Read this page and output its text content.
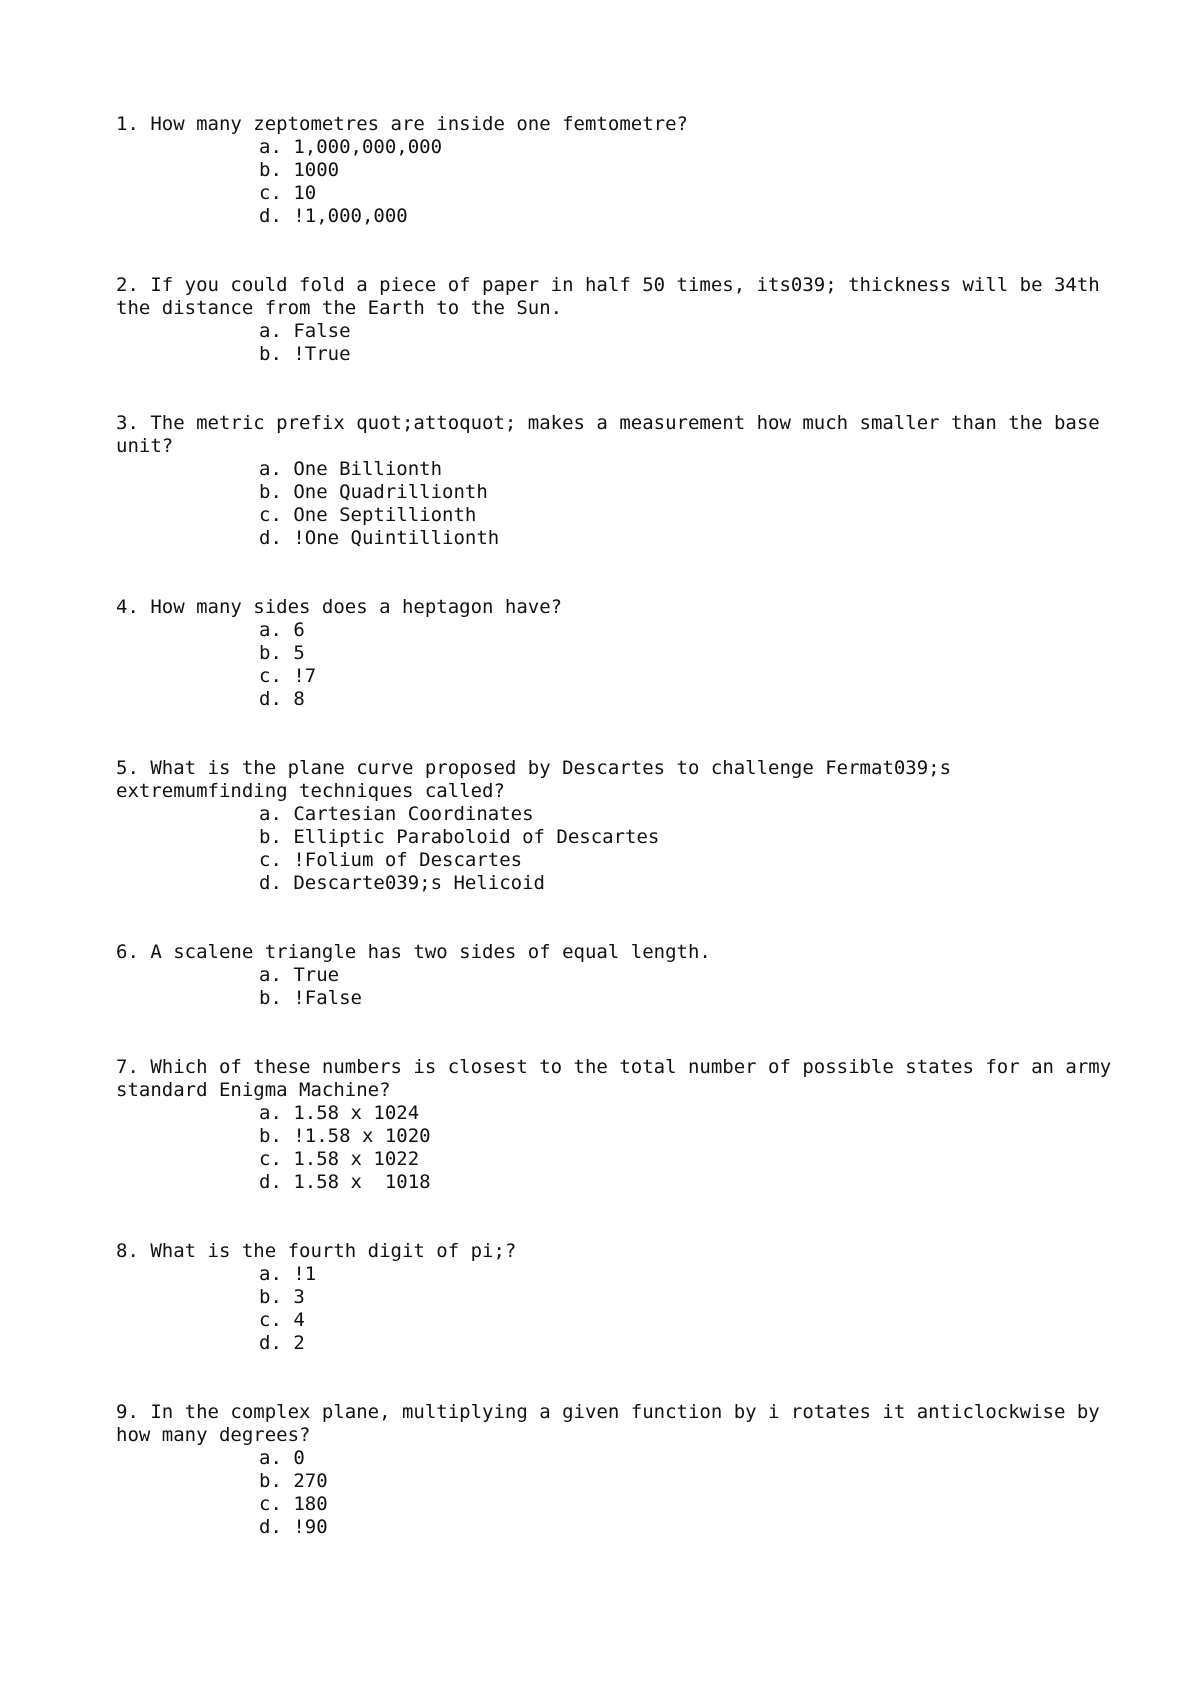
1. How many zeptometres are inside one femtometre?
a. 1,000,000,000
b. 1000
c. 10
d. !1,000,000
2. If you could fold a piece of paper in half 50 times, its039; thickness will be 34th the distance from the Earth to the Sun.
a. False
b. !True
3. The metric prefix quot;attoquot; makes a measurement how much smaller than the base unit?
a. One Billionth
b. One Quadrillionth
c. One Septillionth
d. !One Quintillionth
4. How many sides does a heptagon have?
a. 6
b. 5
c. !7
d. 8
5. What is the plane curve proposed by Descartes to challenge Fermat039;s extremumfinding techniques called?
a. Cartesian Coordinates
b. Elliptic Paraboloid of Descartes
c. !Folium of Descartes
d. Descarte039;s Helicoid
6. A scalene triangle has two sides of equal length.
a. True
b. !False
7. Which of these numbers is closest to the total number of possible states for an army standard Enigma Machine?
a. 1.58 x 1024
b. !1.58 x 1020
c. 1.58 x 1022
d. 1.58 x  1018
8. What is the fourth digit of pi;?
a. !1
b. 3
c. 4
d. 2
9. In the complex plane, multiplying a given function by i rotates it anticlockwise by how many degrees?
a. 0
b. 270
c. 180
d. !90
